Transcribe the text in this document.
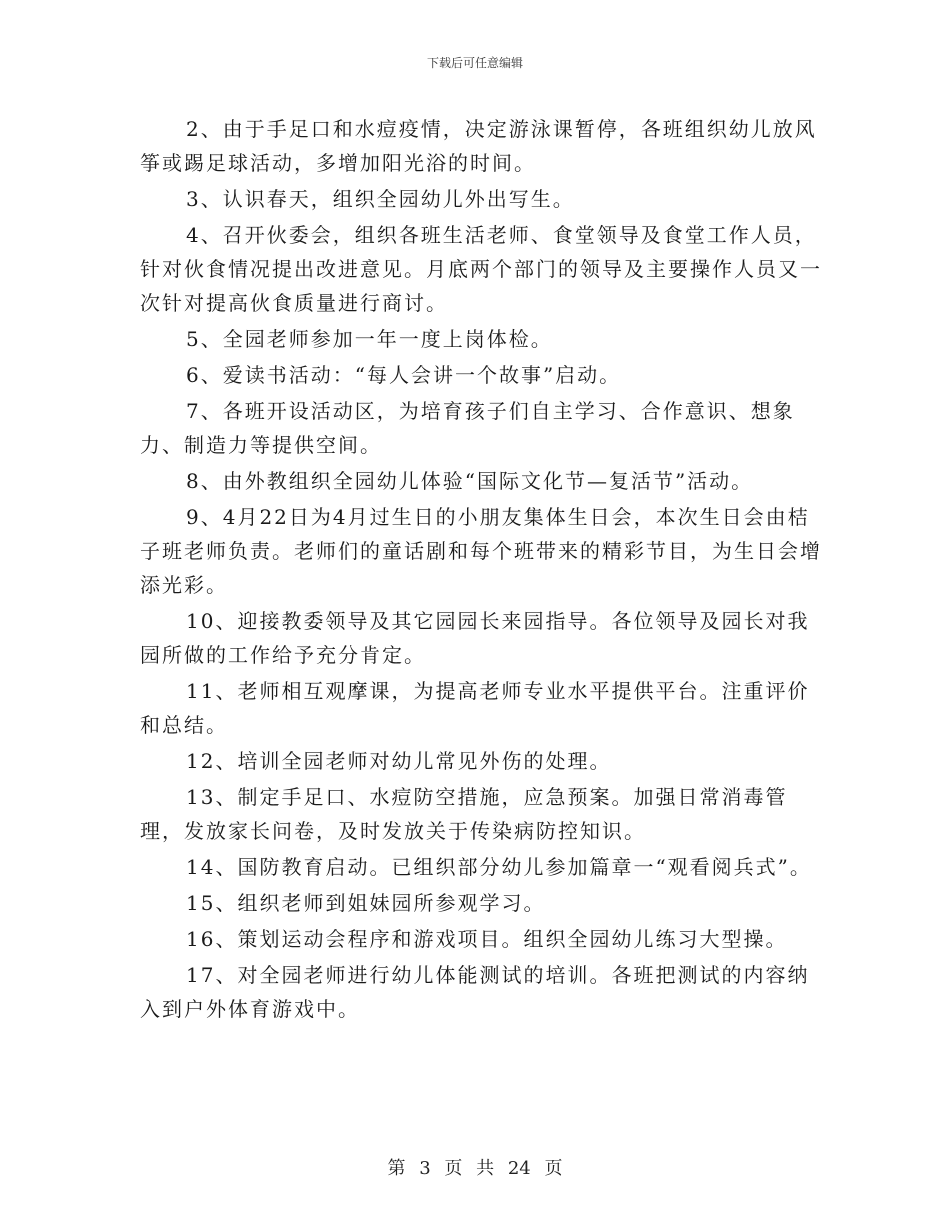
下载后可任意编辑

2、由于手足口和水痘疫情，决定游泳课暂停，各班组织幼儿放风筝或踢足球活动，多增加阳光浴的时间。

3、认识春天，组织全园幼儿外出写生。

4、召开伙委会，组织各班生活老师、食堂领导及食堂工作人员，针对伙食情况提出改进意见。月底两个部门的领导及主要操作人员又一次针对提高伙食质量进行商讨。

5、全园老师参加一年一度上岗体检。

6、爱读书活动：“每人会讲一个故事”启动。

7、各班开设活动区，为培育孩子们自主学习、合作意识、想象力、制造力等提供空间。

8、由外教组织全园幼儿体验“国际文化节—复活节”活动。

9、4月22日为4月过生日的小朋友集体生日会，本次生日会由桔子班老师负责。老师们的童话剧和每个班带来的精彩节目，为生日会增添光彩。

10、迎接教委领导及其它园园长来园指导。各位领导及园长对我园所做的工作给予充分肯定。

11、老师相互观摩课，为提高老师专业水平提供平台。注重评价和总结。

12、培训全园老师对幼儿常见外伤的处理。

13、制定手足口、水痘防空措施，应急预案。加强日常消毒管理，发放家长问卷，及时发放关于传染病防控知识。

14、国防教育启动。已组织部分幼儿参加篇章一“观看阅兵式”。

15、组织老师到姐妹园所参观学习。

16、策划运动会程序和游戏项目。组织全园幼儿练习大型操。

17、对全园老师进行幼儿体能测试的培训。各班把测试的内容纳入到户外体育游戏中。

第 3 页 共 24 页
